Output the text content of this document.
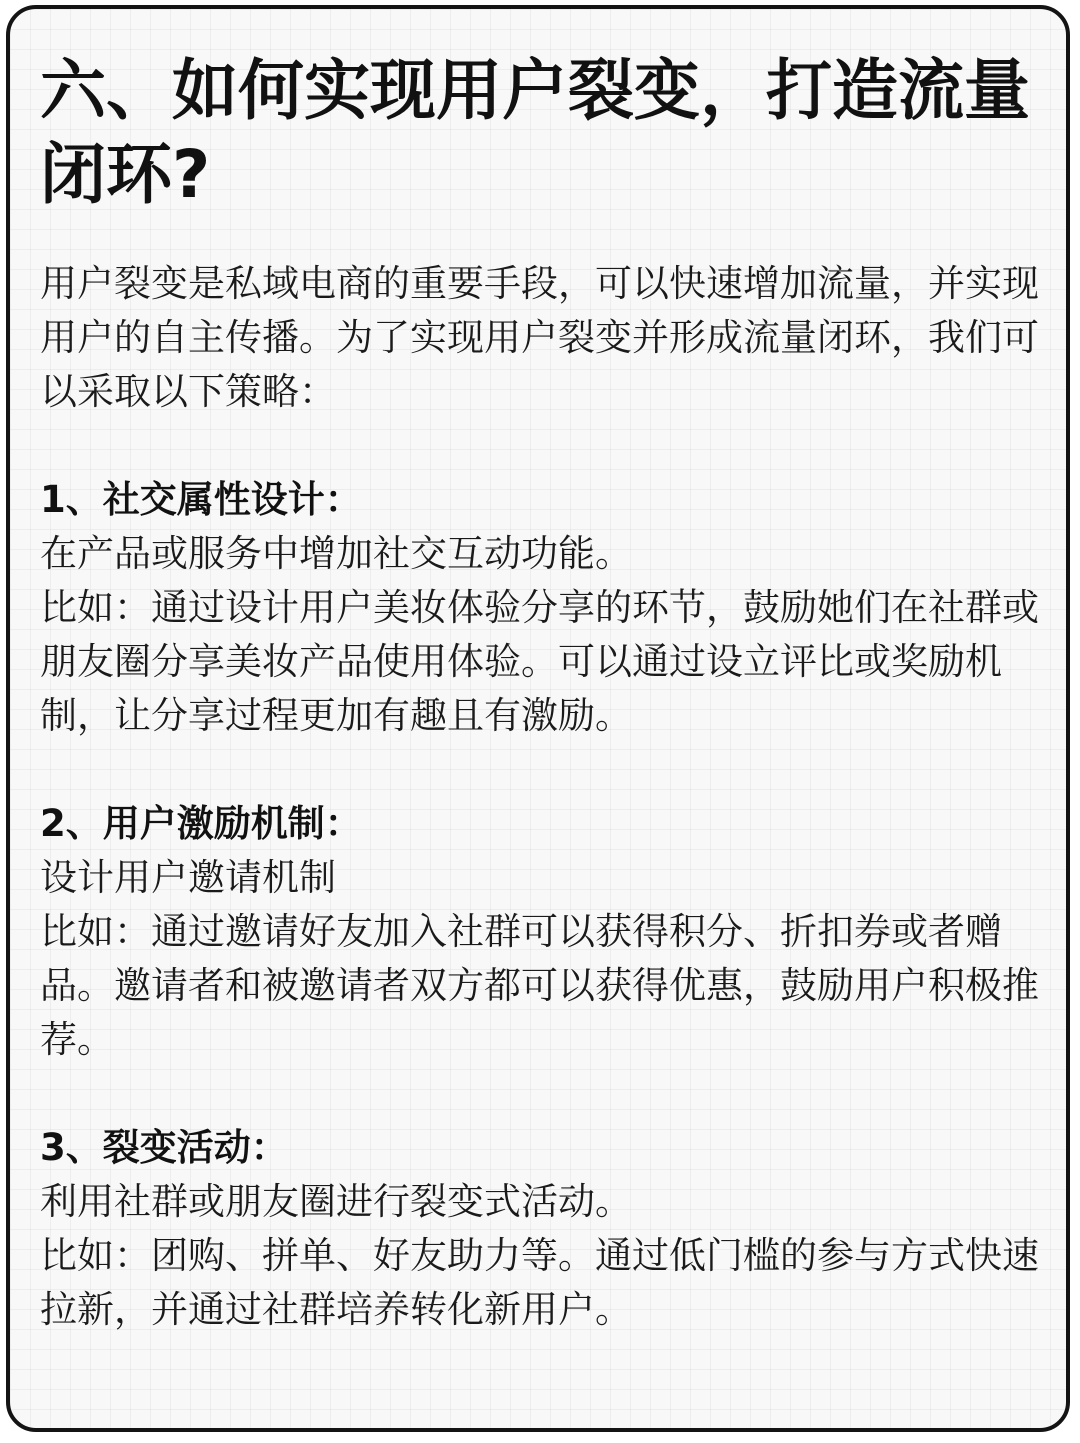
六、如何实现用户裂变，打造流量闭环?

用户裂变是私域电商的重要手段，可以快速增加流量，并实现用户的自主传播。为了实现用户裂变并形成流量闭环，我们可以采取以下策略：

1、社交属性设计：

在产品或服务中增加社交互动功能。

比如：通过设计用户美妆体验分享的环节，鼓励她们在社群或朋友圈分享美妆产品使用体验。可以通过设立评比或奖励机制，让分享过程更加有趣且有激励。

2、用户激励机制：

设计用户邀请机制

比如：通过邀请好友加入社群可以获得积分、折扣券或者赠品。邀请者和被邀请者双方都可以获得优惠，鼓励用户积极推荐。

3、裂变活动：

利用社群或朋友圈进行裂变式活动。

比如：团购、拼单、好友助力等。通过低门槛的参与方式快速拉新，并通过社群培养转化新用户。
